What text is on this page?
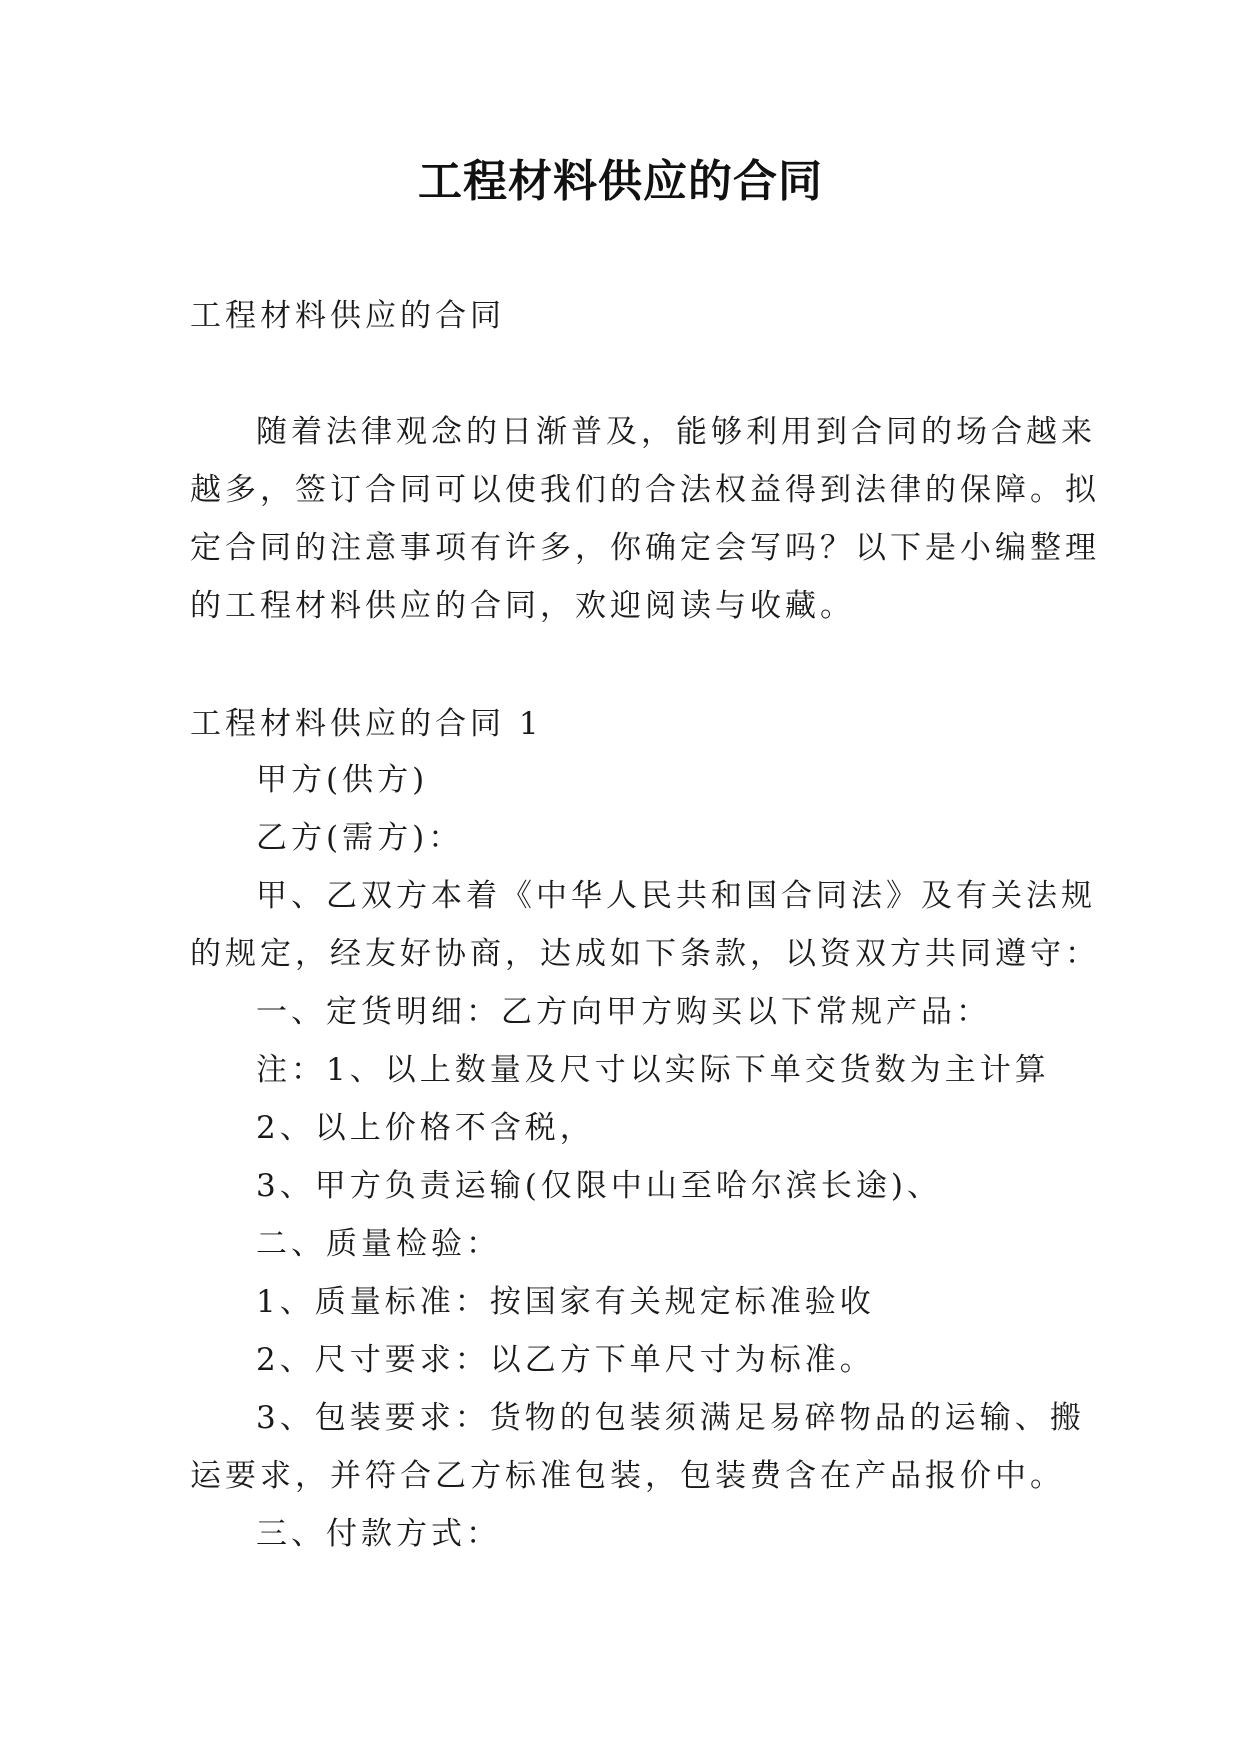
工程材料供应的合同
工程材料供应的合同
随着法律观念的日渐普及，能够利用到合同的场合越来
越多，签订合同可以使我们的合法权益得到法律的保障。拟
定合同的注意事项有许多，你确定会写吗？以下是小编整理
的工程材料供应的合同，欢迎阅读与收藏。
工程材料供应的合同 1
甲方(供方)
乙方(需方)：
甲、乙双方本着《中华人民共和国合同法》及有关法规
的规定，经友好协商，达成如下条款，以资双方共同遵守：
一、定货明细：乙方向甲方购买以下常规产品：
注：1、以上数量及尺寸以实际下单交货数为主计算
2、以上价格不含税，
3、甲方负责运输(仅限中山至哈尔滨长途)、
二、质量检验：
1、质量标准：按国家有关规定标准验收
2、尺寸要求：以乙方下单尺寸为标准。
3、包装要求：货物的包装须满足易碎物品的运输、搬
运要求，并符合乙方标准包装，包装费含在产品报价中。
三、付款方式：
